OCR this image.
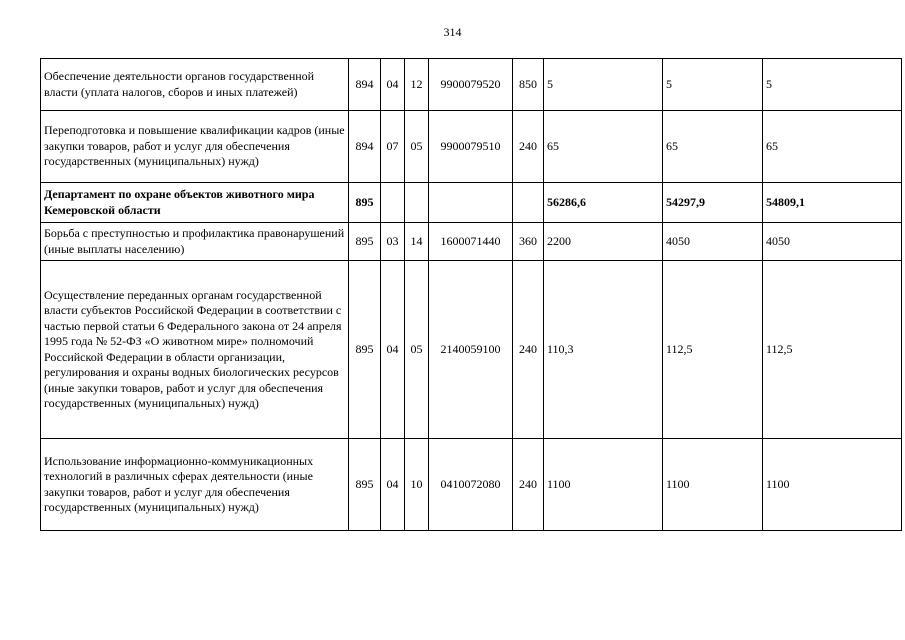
314
Обеспечение деятельности органов государственной власти (уплата налогов, сборов и иных платежей)	894	04	12	9900079520	850	5	5	5
Переподготовка и повышение квалификации кадров (иные закупки товаров, работ и услуг для обеспечения государственных (муниципальных) нужд)	894	07	05	9900079510	240	65	65	65
Департамент по охране объектов животного мира Кемеровской области	895					56286,6	54297,9	54809,1
Борьба с преступностью и профилактика правонарушений (иные выплаты населению)	895	03	14	1600071440	360	2200	4050	4050
Осуществление переданных органам государственной власти субъектов Российской Федерации в соответствии с частью первой статьи 6 Федерального закона от 24 апреля 1995 года № 52-ФЗ «О животном мире» полномочий Российской Федерации в области организации, регулирования и охраны водных биологических ресурсов (иные закупки товаров, работ и услуг для обеспечения государственных (муниципальных) нужд)	895	04	05	2140059100	240	110,3	112,5	112,5
Использование информационно-коммуникационных технологий в различных сферах деятельности (иные закупки товаров, работ и услуг для обеспечения государственных (муниципальных) нужд)	895	04	10	0410072080	240	1100	1100	1100
